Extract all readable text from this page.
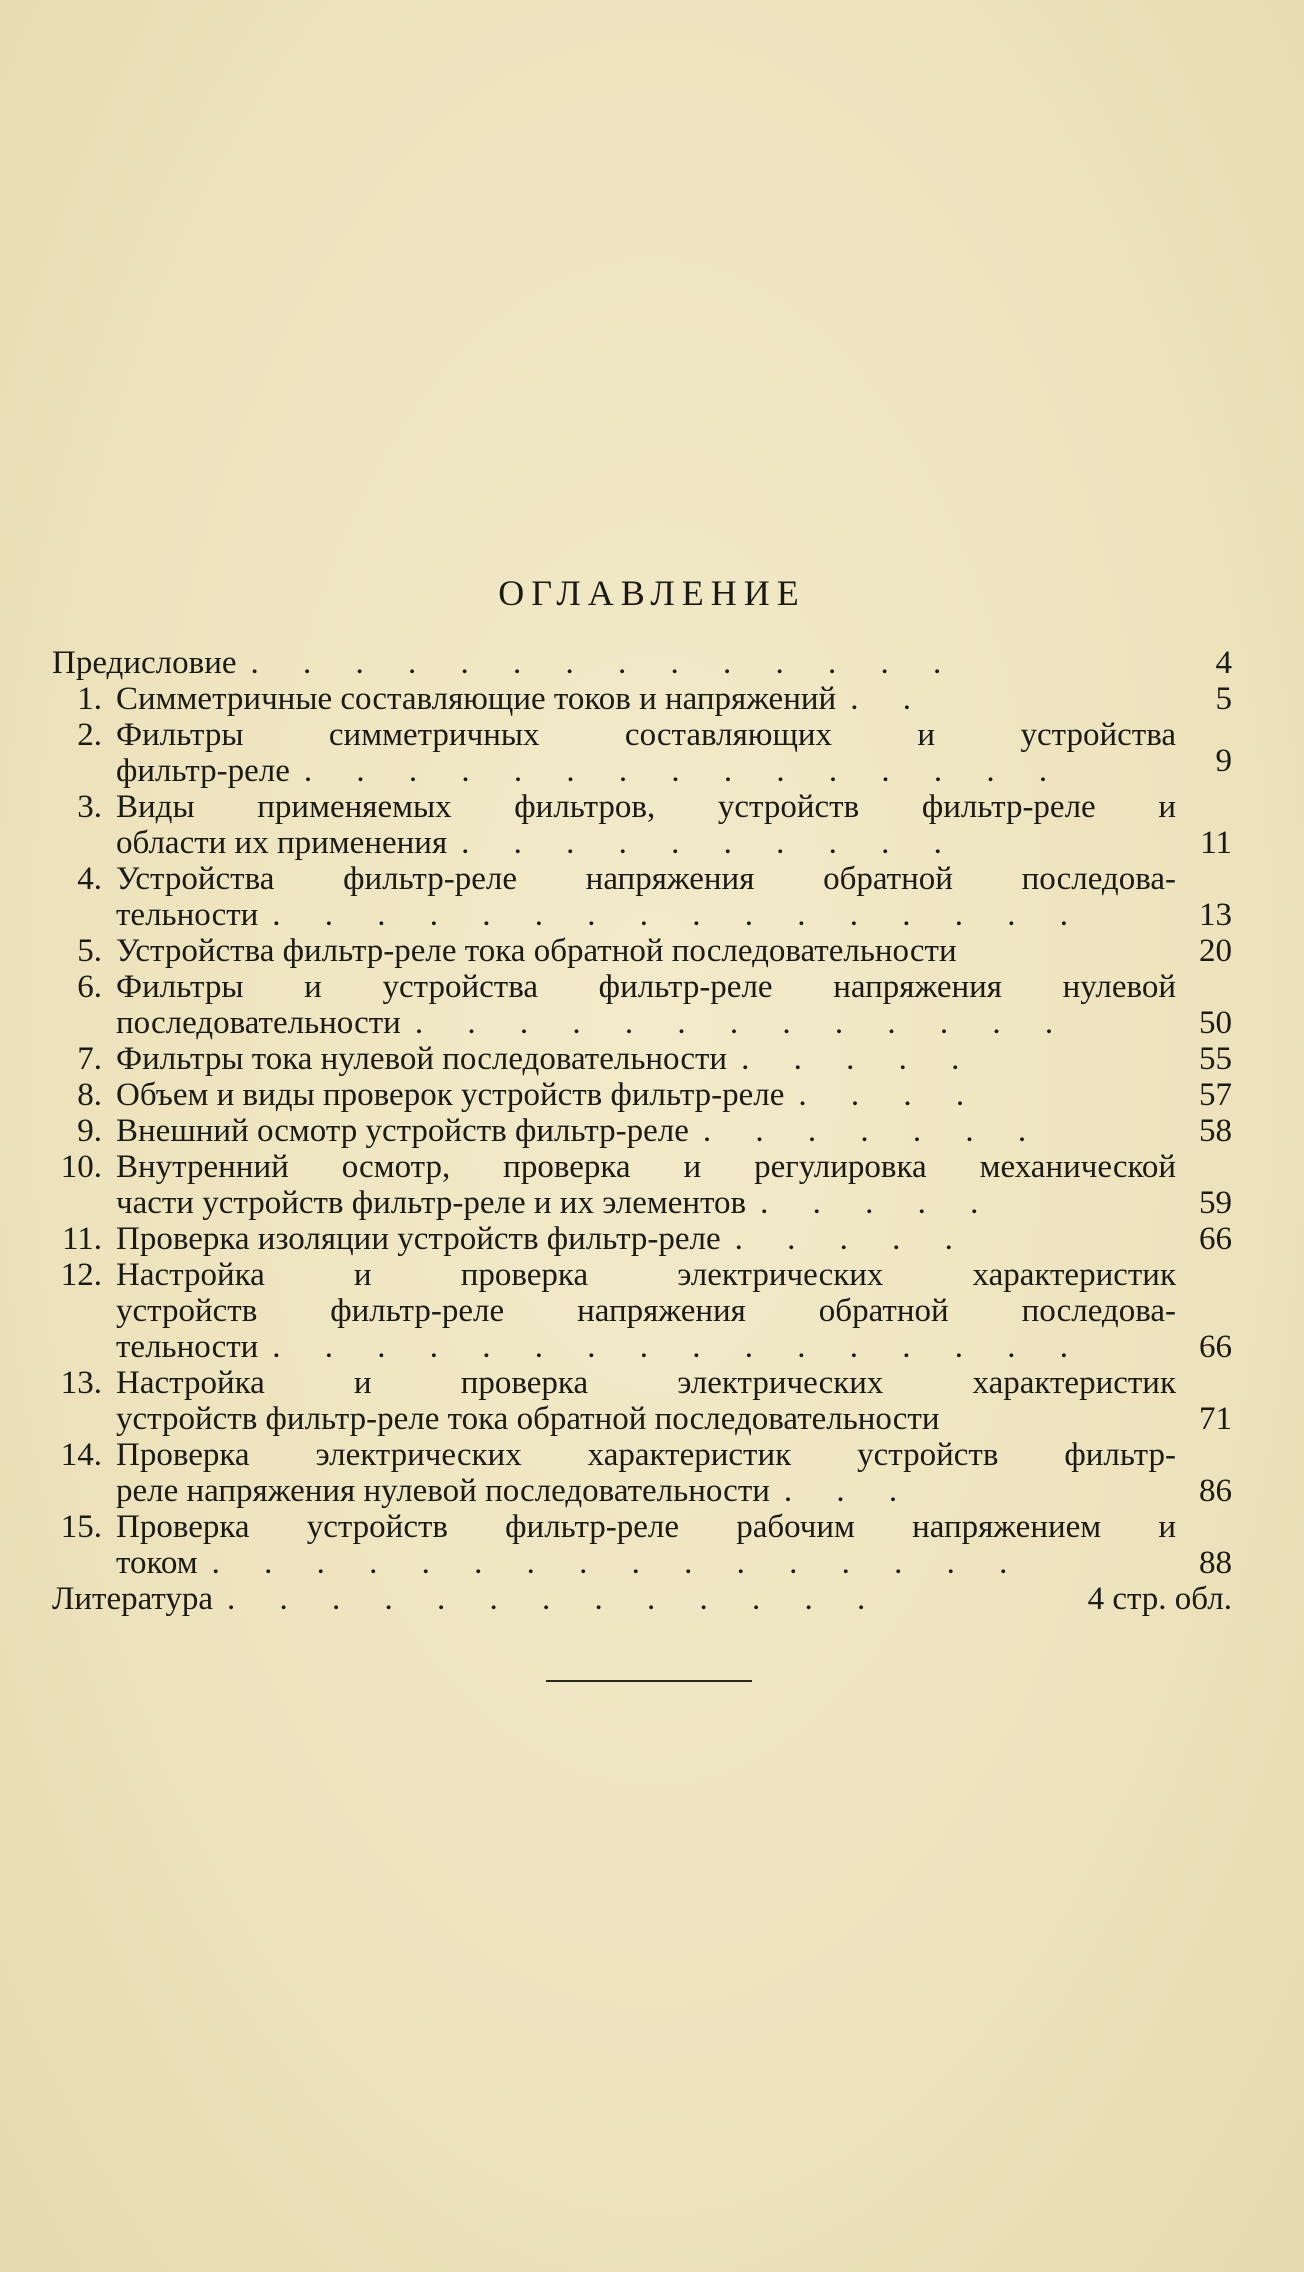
ОГЛАВЛЕНИЕ
Предисловие . . . . . . . . . . . . . .	4
1. Симметричные составляющие токов и напряжений . .	5
2. Фильтры симметричных составляющих и устройства
фильтр-реле . . . . . . . . . . . . . . .	9
3. Виды применяемых фильтров, устройств фильтр-реле и
области их применения . . . . . . . . . .	11
4. Устройства фильтр-реле напряжения обратной последова-
тельности . . . . . . . . . . . . . . . .	13
5. Устройства фильтр-реле тока обратной последовательности	20
6. Фильтры и устройства фильтр-реле напряжения нулевой
последовательности . . . . . . . . . . . . .	50
7. Фильтры тока нулевой последовательности . . . . .	55
8. Объем и виды проверок устройств фильтр-реле . . . .	57
9. Внешний осмотр устройств фильтр-реле . . . . . . .	58
10. Внутренний осмотр, проверка и регулировка механической
части устройств фильтр-реле и их элементов . . . . .	59
11. Проверка изоляции устройств фильтр-реле . . . . .	66
12. Настройка и проверка электрических характеристик
устройств фильтр-реле напряжения обратной последова-
тельности . . . . . . . . . . . . . . . .	66
13. Настройка и проверка электрических характеристик
устройств фильтр-реле тока обратной последовательности	71
14. Проверка электрических характеристик устройств фильтр-
реле напряжения нулевой последовательности . . .	86
15. Проверка устройств фильтр-реле рабочим напряжением и
током . . . . . . . . . . . . . . . .	88
Литература . . . . . . . . . . . . .	4 стр. обл.
